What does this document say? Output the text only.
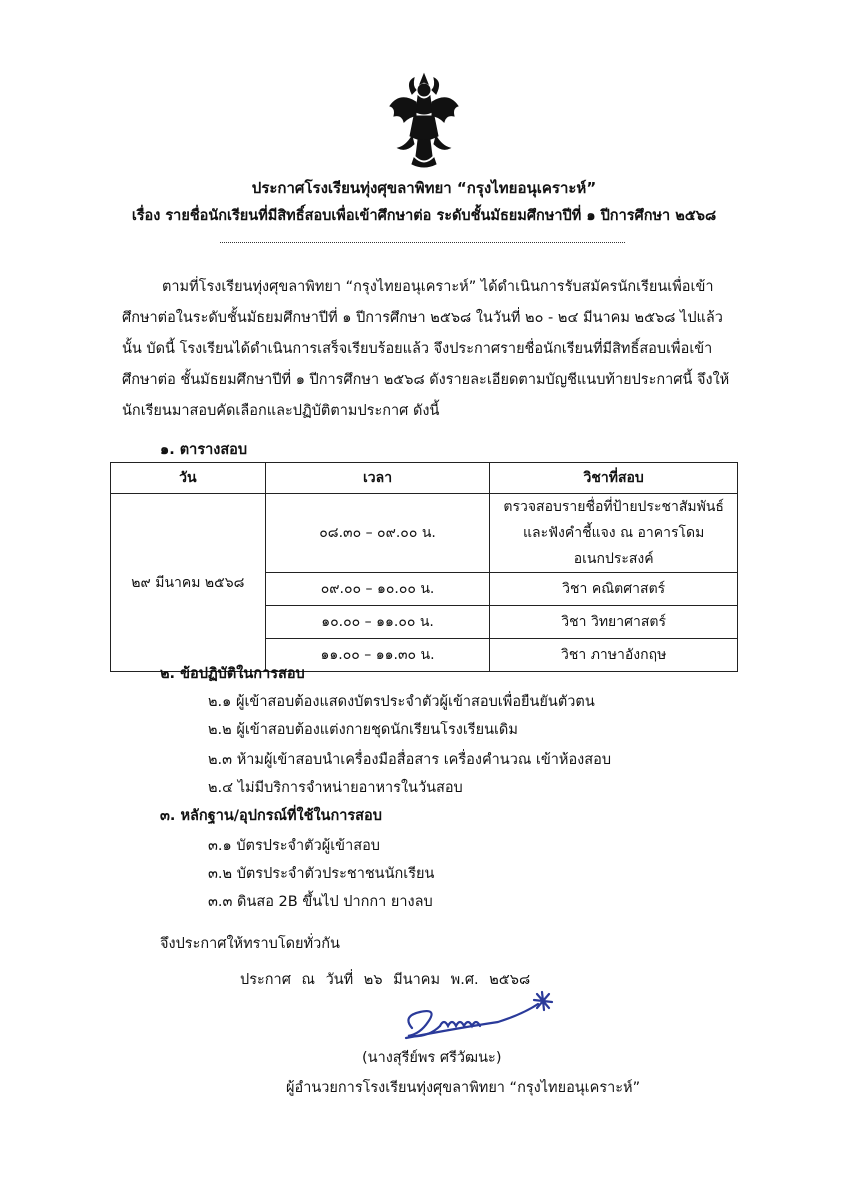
ประกาศโรงเรียนทุ่งศุขลาพิทยา “กรุงไทยอนุเคราะห์”
เรื่อง รายชื่อนักเรียนที่มีสิทธิ์สอบเพื่อเข้าศึกษาต่อ ระดับชั้นมัธยมศึกษาปีที่ ๑ ปีการศึกษา ๒๕๖๘
ตามที่โรงเรียนทุ่งศุขลาพิทยา “กรุงไทยอนุเคราะห์” ได้ดำเนินการรับสมัครนักเรียนเพื่อเข้าศึกษาต่อในระดับชั้นมัธยมศึกษาปีที่ ๑ ปีการศึกษา ๒๕๖๘ ในวันที่ ๒๐ - ๒๔ มีนาคม ๒๕๖๘ ไปแล้วนั้น บัดนี้ โรงเรียนได้ดำเนินการเสร็จเรียบร้อยแล้ว จึงประกาศรายชื่อนักเรียนที่มีสิทธิ์สอบเพื่อเข้าศึกษาต่อ ชั้นมัธยมศึกษาปีที่ ๑ ปีการศึกษา ๒๕๖๘ ดังรายละเอียดตามบัญชีแนบท้ายประกาศนี้ จึงให้นักเรียนมาสอบคัดเลือกและปฏิบัติตามประกาศ ดังนี้
๑. ตารางสอบ
วัน	เวลา	วิชาที่สอบ
๒๙ มีนาคม ๒๕๖๘	๐๘.๓๐ – ๐๙.๐๐ น.	ตรวจสอบรายชื่อที่ป้ายประชาสัมพันธ์
และฟังคำชี้แจง ณ อาคารโดมอเนกประสงค์

	๐๙.๐๐ – ๑๐.๐๐ น.	วิชา คณิตศาสตร์
	๑๐.๐๐ – ๑๑.๐๐ น.	วิชา วิทยาศาสตร์
	๑๑.๐๐ – ๑๑.๓๐ น.	วิชา ภาษาอังกฤษ
๒. ข้อปฏิบัติในการสอบ
๒.๑ ผู้เข้าสอบต้องแสดงบัตรประจำตัวผู้เข้าสอบเพื่อยืนยันตัวตน
๒.๒ ผู้เข้าสอบต้องแต่งกายชุดนักเรียนโรงเรียนเดิม
๒.๓ ห้ามผู้เข้าสอบนำเครื่องมือสื่อสาร เครื่องคำนวณ เข้าห้องสอบ
๒.๔ ไม่มีบริการจำหน่ายอาหารในวันสอบ
๓. หลักฐาน/อุปกรณ์ที่ใช้ในการสอบ
๓.๑ บัตรประจำตัวผู้เข้าสอบ
๓.๒ บัตรประจำตัวประชาชนนักเรียน
๓.๓ ดินสอ 2B ขึ้นไป ปากกา ยางลบ
จึงประกาศให้ทราบโดยทั่วกัน
ประกาศ ณ วันที่ ๒๖ มีนาคม พ.ศ. ๒๕๖๘
(นางสุรีย์พร ศรีวัฒนะ)
ผู้อำนวยการโรงเรียนทุ่งศุขลาพิทยา “กรุงไทยอนุเคราะห์”
